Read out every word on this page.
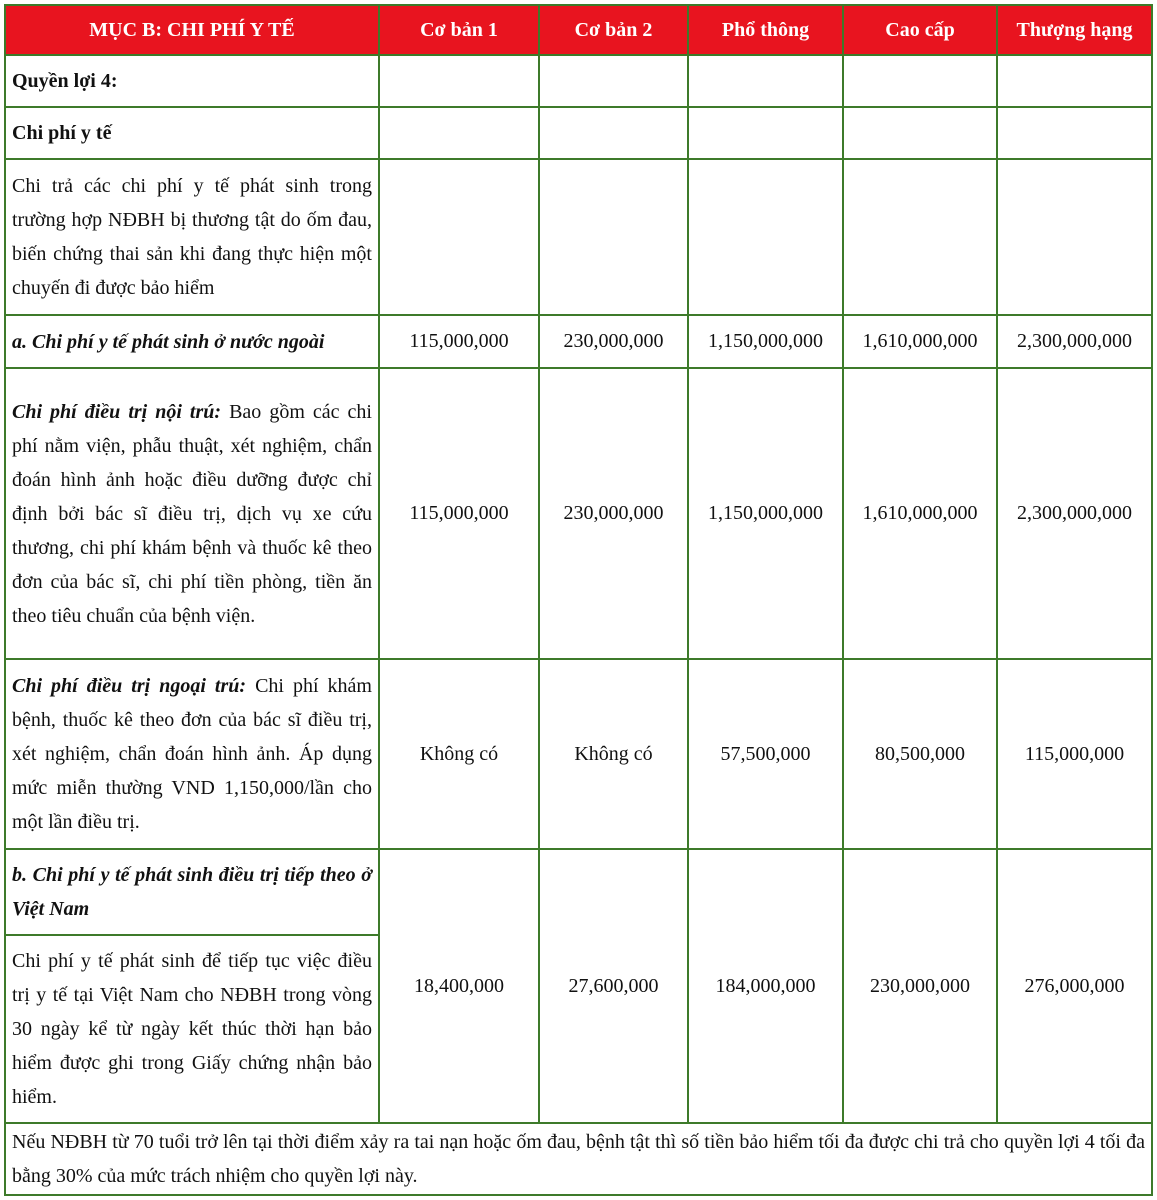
MỤC B: CHI PHÍ Y TẾ	Cơ bản 1	Cơ bản 2	Phổ thông	Cao cấp	Thượng hạng
Quyền lợi 4:					
Chi phí y tế					
Chi trả các chi phí y tế phát sinh trong trường hợp NĐBH bị thương tật do ốm đau, biến chứng thai sản khi đang thực hiện một chuyến đi được bảo hiểm					
a. Chi phí y tế phát sinh ở nước ngoài	115,000,000	230,000,000	1,150,000,000	1,610,000,000	2,300,000,000
Chi phí điều trị nội trú: Bao gồm các chi phí nằm viện, phẫu thuật, xét nghiệm, chẩn đoán hình ảnh hoặc điều dưỡng được chỉ định bởi bác sĩ điều trị, dịch vụ xe cứu thương, chi phí khám bệnh và thuốc kê theo đơn của bác sĩ, chi phí tiền phòng, tiền ăn theo tiêu chuẩn của bệnh viện.	115,000,000	230,000,000	1,150,000,000	1,610,000,000	2,300,000,000
Chi phí điều trị ngoại trú: Chi phí khám bệnh, thuốc kê theo đơn của bác sĩ điều trị, xét nghiệm, chẩn đoán hình ảnh. Áp dụng mức miễn thường VND 1,150,000/lần cho một lần điều trị.	Không có	Không có	57,500,000	80,500,000	115,000,000
b. Chi phí y tế phát sinh điều trị tiếp theo ở Việt Nam	18,400,000	27,600,000	184,000,000	230,000,000	276,000,000
Chi phí y tế phát sinh để tiếp tục việc điều trị y tế tại Việt Nam cho NĐBH trong vòng 30 ngày kể từ ngày kết thúc thời hạn bảo hiểm được ghi trong Giấy chứng nhận bảo hiểm.					
Nếu NĐBH từ 70 tuổi trở lên tại thời điểm xảy ra tai nạn hoặc ốm đau, bệnh tật thì số tiền bảo hiểm tối đa được chi trả cho quyền lợi 4 tối đa bằng 30% của mức trách nhiệm cho quyền lợi này.					
